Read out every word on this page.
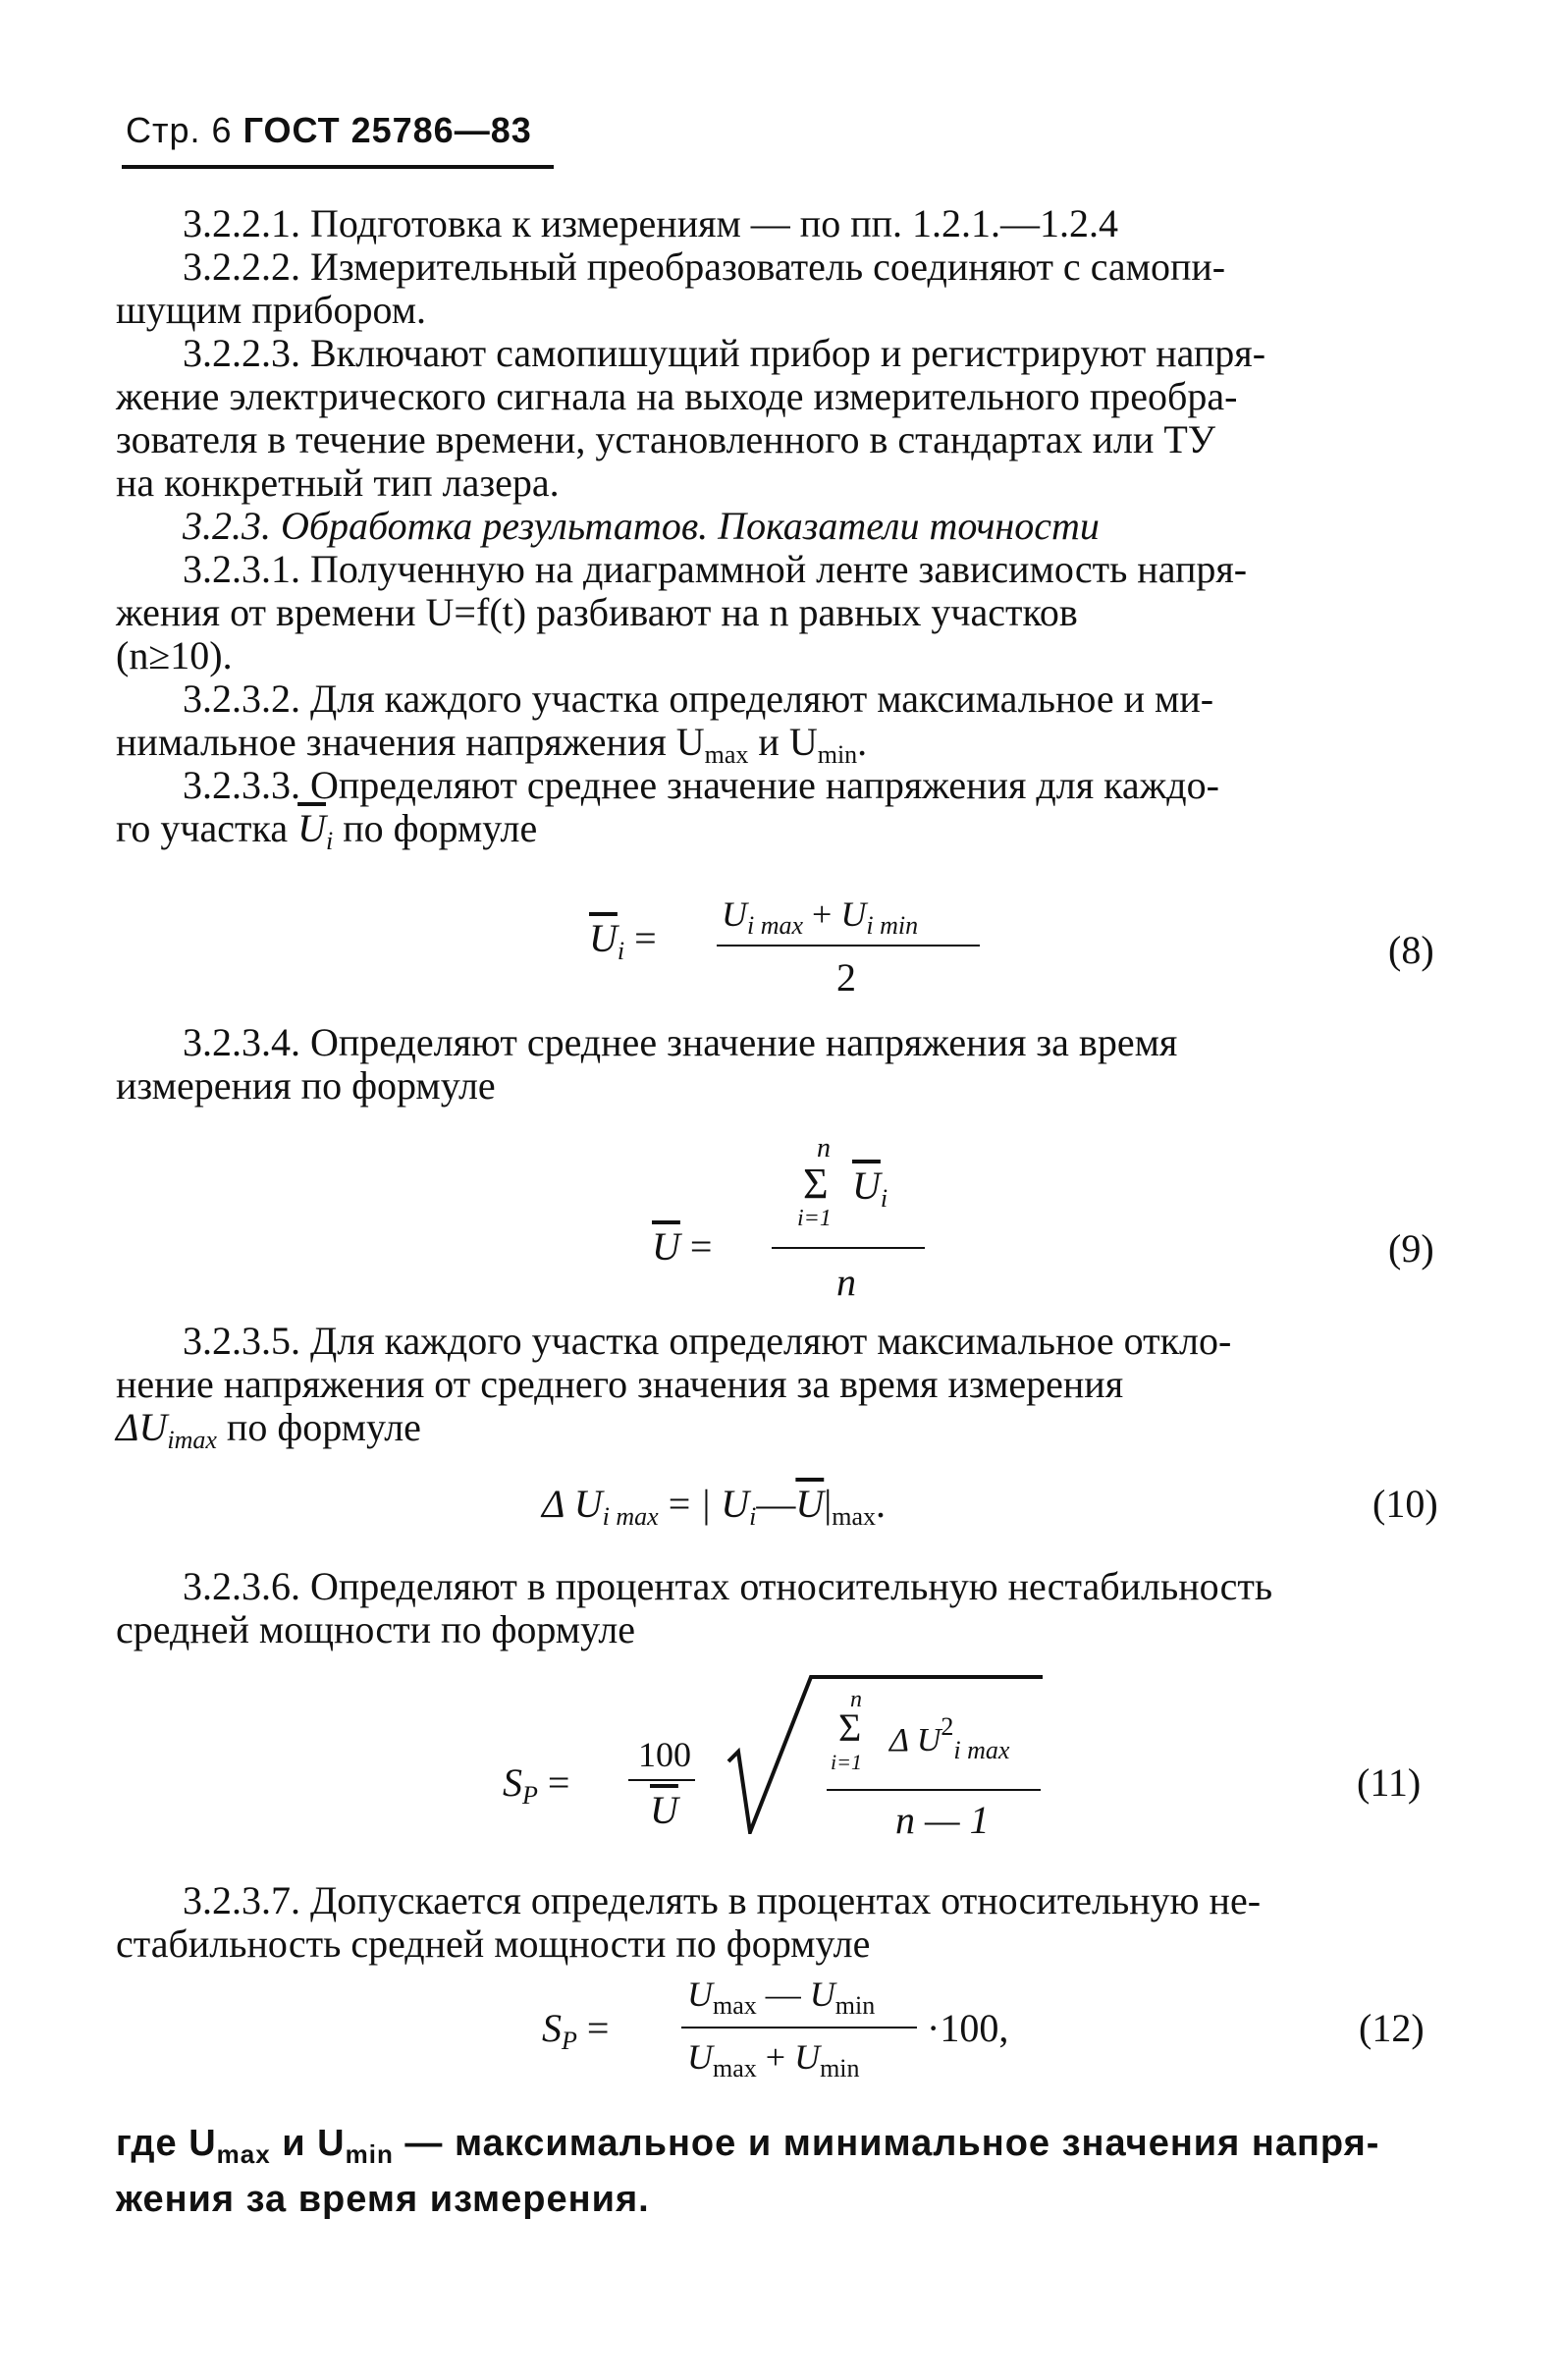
Стр. 6 ГОСТ 25786—83
3.2.2.1. Подготовка к измерениям — по пп. 1.2.1.—1.2.4
3.2.2.2. Измерительный преобразователь соединяют с самопи-
шущим прибором.
3.2.2.3. Включают самопишущий прибор и регистрируют напря-
жение электрического сигнала на выходе измерительного преобра-
зователя в течение времени, установленного в стандартах или ТУ
на конкретный тип лазера.
3.2.3. Обработка результатов. Показатели точности
3.2.3.1. Полученную на диаграммной ленте зависимость напря-
жения от времени U=f(t) разбивают на n равных участков
(n≥10).
3.2.3.2. Для каждого участка определяют максимальное и ми-
нимальное значения напряжения $U_{max}$ и $U_{min}$.
3.2.3.3. Определяют среднее значение напряжения для каждо-
го участка $\overline{U}_i$ по формуле
$\overline{U}_i$ =
$U_{i max} + U_{i min}$
2
(8)
3.2.3.4. Определяют среднее значение напряжения за время
измерения по формуле
n
Σ $\overline{U}_i$
i=1
$\overline{U}$ =
n
(9)
3.2.3.5. Для каждого участка определяют максимальное откло-
нение напряжения от среднего значения за время измерения
$\Delta U_{imax}$ по формуле
Δ $U_{i max}$ = | $U_i—\overline{U}|_{max}$.	(10)
3.2.3.6. Определяют в процентах относительную нестабильность
средней мощности по формуле
$S_P$ =
100
$\overline{U}$
n
Σ Δ $U^2_{i max}$
i=1
n — 1
(11)
3.2.3.7. Допускается определять в процентах относительную не-
стабильность средней мощности по формуле
$S_P$ =
$U_{max}$ — $U_{min}$
$U_{max} + U_{min}$
·100,	(12)
где $U_{max}$ и $U_{min}$ — максимальное и минимальное значения напря-
жения за время измерения.
